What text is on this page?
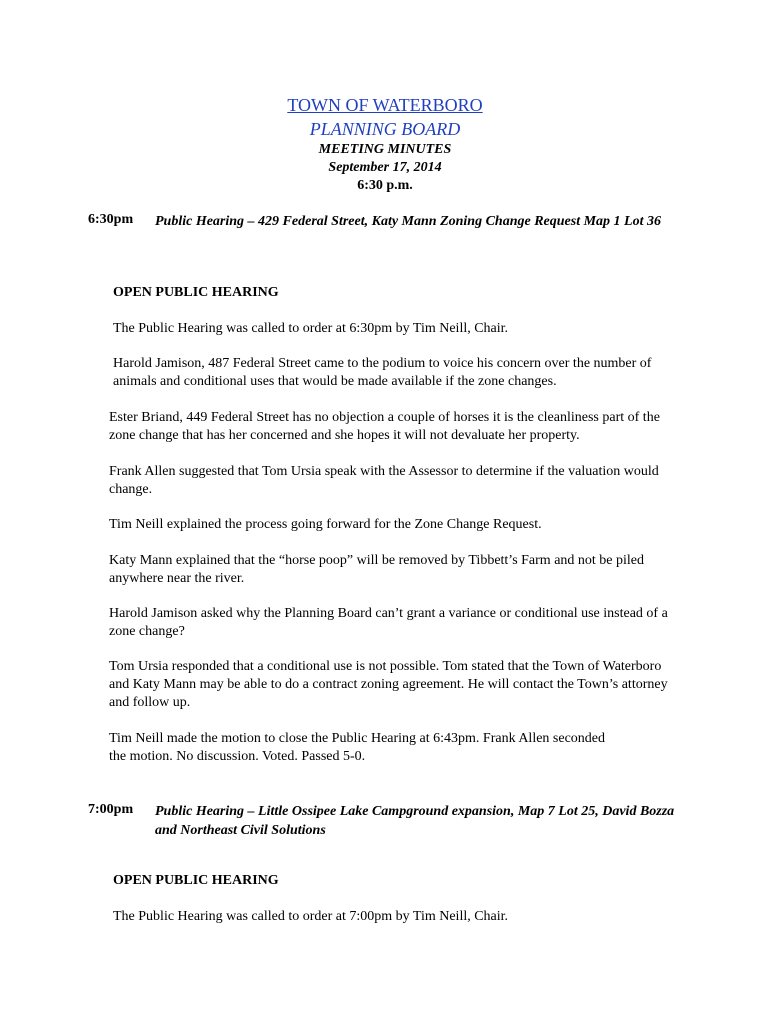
TOWN OF WATERBORO
PLANNING BOARD
MEETING MINUTES
September 17, 2014
6:30 p.m.
6:30pm Public Hearing – 429 Federal Street, Katy Mann Zoning Change Request Map 1 Lot 36
OPEN PUBLIC HEARING
The Public Hearing was called to order at 6:30pm by Tim Neill, Chair.
Harold Jamison, 487 Federal Street came to the podium to voice his concern over the number of animals and conditional uses that would be made available if the zone changes.
Ester Briand, 449 Federal Street has no objection a couple of horses it is the cleanliness part of the zone change that has her concerned and she hopes it will not devaluate her property.
Frank Allen suggested that Tom Ursia speak with the Assessor to determine if the valuation would change.
Tim Neill explained the process going forward for the Zone Change Request.
Katy Mann explained that the “horse poop” will be removed by Tibbett’s Farm and not be piled anywhere near the river.
Harold Jamison asked why the Planning Board can’t grant a variance or conditional use instead of a zone change?
Tom Ursia responded that a conditional use is not possible. Tom stated that the Town of Waterboro and Katy Mann may be able to do a contract zoning agreement. He will contact the Town’s attorney and follow up.
Tim Neill made the motion to close the Public Hearing at 6:43pm. Frank Allen seconded the motion. No discussion. Voted. Passed 5-0.
7:00pm Public Hearing – Little Ossipee Lake Campground expansion, Map 7 Lot 25, David Bozza and Northeast Civil Solutions
OPEN PUBLIC HEARING
The Public Hearing was called to order at 7:00pm by Tim Neill, Chair.
